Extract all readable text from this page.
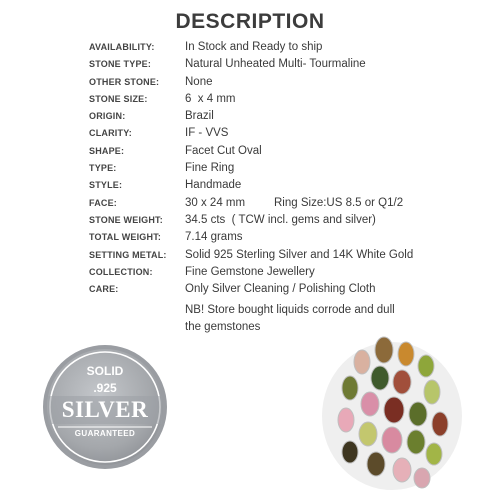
DESCRIPTION
AVAILABILITY:	In Stock and Ready to ship
STONE TYPE:	Natural Unheated Multi- Tourmaline
OTHER STONE: None
STONE SIZE:	6  x 4 mm
ORIGIN:	Brazil
CLARITY:	IF - VVS
SHAPE:	Facet Cut Oval
TYPE:	Fine Ring
STYLE:	Handmade
FACE:	30 x 24 mm	Ring Size:US 8.5 or Q1/2
STONE WEIGHT: 34.5 cts  ( TCW incl. gems and silver)
TOTAL WEIGHT: 7.14 grams
SETTING METAL: Solid 925 Sterling Silver and 14K White Gold
COLLECTION:	Fine Gemstone Jewellery
CARE:	Only Silver Cleaning / Polishing Cloth
NB! Store bought liquids corrode and dull
the gemstones
SOLID
.925
SILVER
GUARANTEED
